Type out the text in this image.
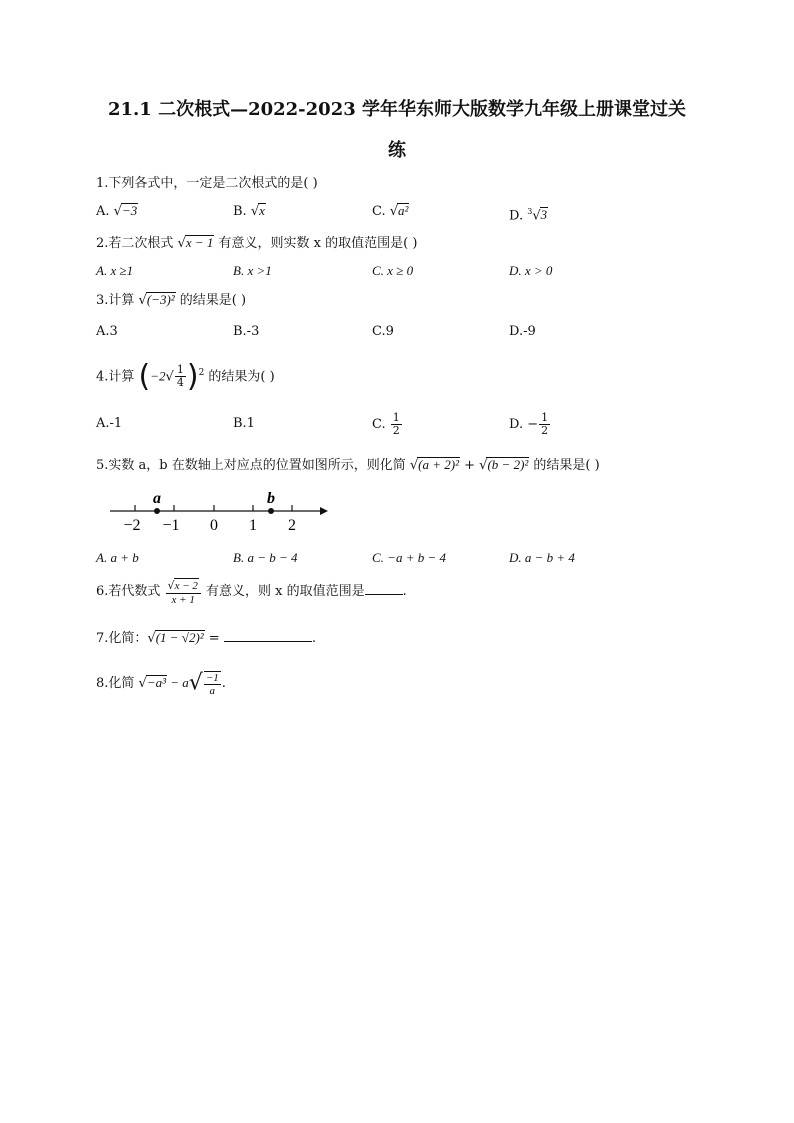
21.1 二次根式—2022-2023 学年华东师大版数学九年级上册课堂过关
练
1.下列各式中，一定是二次根式的是( )
A. √−3	B. √x	C. √a²	D. $^3$√3
2.若二次根式 √x − 1 有意义，则实数 x 的取值范围是( )
A. x ≥1	B. x >1	C. x ≥ 0	D. x > 0
3.计算 √(−3)² 的结果是( )
A.3	B.-3	C.9	D.-9
4.计算 $(-2√ \frac{1}{4} )^2$ 的结果为( )
A.-1	B.1	C. $\frac{1}{2}$	D. − $\frac{1}{2}$
5.实数 a，b 在数轴上对应点的位置如图所示，则化简 √(a + 2)² + √(b − 2)² 的结果是( )
a	b
−2 −1 0 1 2
A. a + b	B. a − b − 4	C. −a + b − 4	D. a − b + 4
6.若代数式 $\frac{√x - 2}{x + 1}$ 有意义，则 x 的取值范围是	.
7.化简：√(1 − √2)² =	.
8.化简 $√-a^3 - a√ \frac{-1}{a}$ .
